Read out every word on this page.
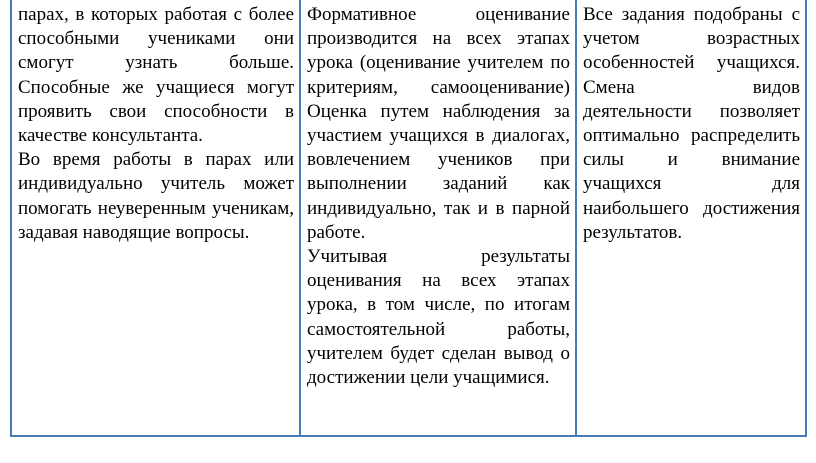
парах, в которых работая с более способными учениками они смогут узнать больше. Способные же учащиеся могут проявить свои способности в качестве консультанта.

Во время работы в парах или индивидуально учитель может помогать неуверенным ученикам, задавая наводящие вопросы.

Формативное оценивание производится на всех этапах урока (оценивание учителем по критериям, самооценивание) Оценка путем наблюдения за участием учащихся в диалогах, вовлечением учеников при выполнении заданий как индивидуально, так и в парной работе.

Учитывая результаты оценивания на всех этапах урока, в том числе, по итогам самостоятельной работы, учителем будет сделан вывод о достижении цели учащимися.

Все задания подобраны с учетом возрастных особенностей учащихся. Смена видов деятельности позволяет оптимально распределить силы и внимание учащихся для наибольшего достижения результатов.
